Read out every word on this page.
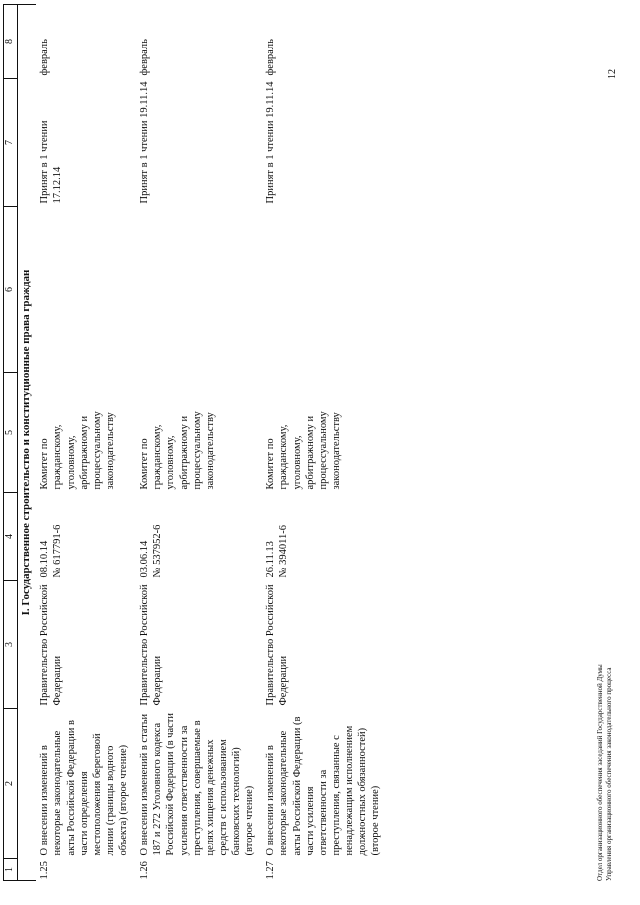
1	2	3	4	5	6	7	8
I. Государственное строительство и конституционные права граждан							
1.25	О внесении изменений в некоторые законодательные акты Российской Федерации в части определения местоположения береговой линии (границы водного объекта) (второе чтение)	Правительство Российской Федерации	08.10.14 № 617791-6	Комитет по гражданскому, уголовному, арбитражному и процессуальному законодательству		Принят в 1 чтении 17.12.14	февраль
1.26	О внесении изменений в статьи 187 и 272 Уголовного кодекса Российской Федерации (в части усиления ответственности за преступления, совершаемые в целях хищения денежных средств с использованием банковских технологий) (второе чтение)	Правительство Российской Федерации	03.06.14 № 537952-6	Комитет по гражданскому, уголовному, арбитражному и процессуальному законодательству		Принят в 1 чтении 19.11.14	февраль
1.27	О внесении изменений в некоторые законодательные акты Российской Федерации (в части усиления ответственности за преступления, связанные с ненадлежащим исполнением должностных обязанностей) (второе чтение)	Правительство Российской Федерации	26.11.13 № 394011-6	Комитет по гражданскому, уголовному, арбитражному и процессуальному законодательству		Принят в 1 чтении 19.11.14	февраль
Отдел организационного обеспечения заседаний Государственной Думы Управления организационного обеспечения законодательного процесса
12
